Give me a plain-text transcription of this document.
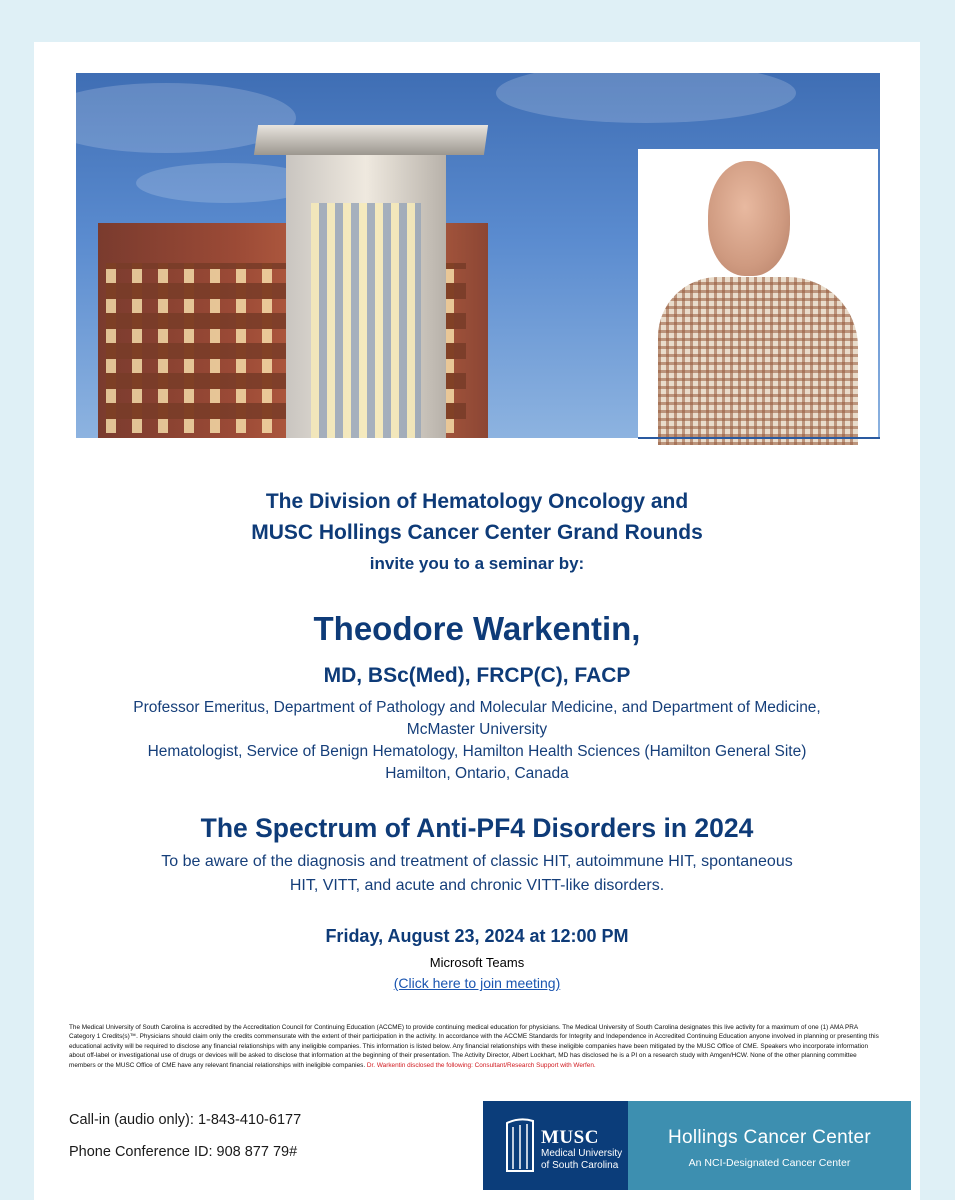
The Division of Hematology Oncology and
MUSC Hollings Cancer Center Grand Rounds
invite you to a seminar by:
Theodore Warkentin,
MD, BSc(Med), FRCP(C), FACP
Professor Emeritus, Department of Pathology and Molecular Medicine, and Department of Medicine,
McMaster University
Hematologist, Service of Benign Hematology, Hamilton Health Sciences (Hamilton General Site)
Hamilton, Ontario, Canada
The Spectrum of Anti-PF4 Disorders in 2024
To be aware of the diagnosis and treatment of classic HIT, autoimmune HIT, spontaneous
HIT, VITT, and acute and chronic VITT-like disorders.
Friday, August 23, 2024 at 12:00 PM
Microsoft Teams
(Click here to join meeting)
The Medical University of South Carolina is accredited by the Accreditation Council for Continuing Education (ACCME) to provide continuing medical education for physicians. The Medical University of South Carolina designates this live activity for a maximum of one (1) AMA PRA Category 1 Credits(s)™. Physicians should claim only the credits commensurate with the extent of their participation in the activity. In accordance with the ACCME Standards for Integrity and Independence in Accredited Continuing Education anyone involved in planning or presenting this educational activity will be required to disclose any financial relationships with any ineligible companies. This information is listed below. Any financial relationships with these ineligible companies have been mitigated by the MUSC Office of CME. Speakers who incorporate information about off-label or investigational use of drugs or devices will be asked to disclose that information at the beginning of their presentation. The Activity Director, Albert Lockhart, MD has disclosed he is a PI on a research study with Amgen/HCW. None of the other planning committee members or the MUSC Office of CME have any relevant financial relationships with ineligible companies. Dr. Warkentin disclosed the following: Consultant/Research Support with Werfen.
Call-in (audio only): 1-843-410-6177
Phone Conference ID: 908 877 79#
MUSC
Medical University
of South Carolina
Hollings Cancer Center
An NCI-Designated Cancer Center
